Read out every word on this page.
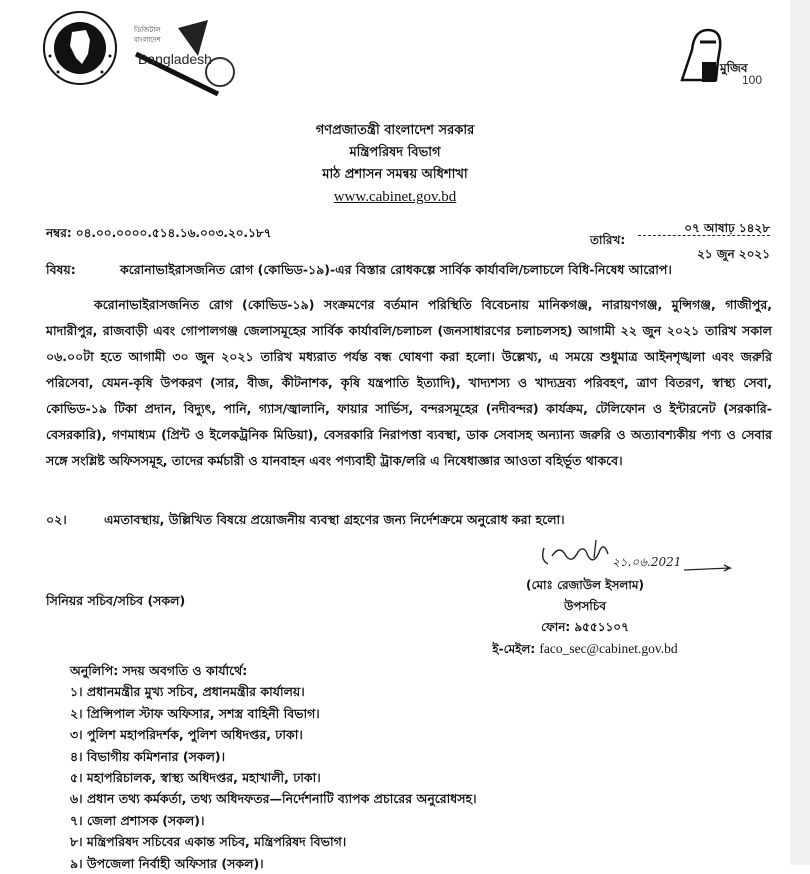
ডিজিটাল
বাংলাদেশ
Bangladesh
মুজিব
100
গণপ্রজাতন্ত্রী বাংলাদেশ সরকার
মন্ত্রিপরিষদ বিভাগ
মাঠ প্রশাসন সমন্বয় অধিশাখা
www.cabinet.gov.bd
নম্বর: ০৪.০০.০০০০.৫১৪.১৬.০০৩.২০.১৮৭	তারিখ:
০৭ আষাঢ় ১৪২৮
২১ জুন ২০২১
বিষয়:	করোনাভাইরাসজনিত রোগ (কোভিড-১৯)-এর বিস্তার রোধকল্পে সার্বিক কার্যাবলি/চলাচলে বিধি-নিষেধ আরোপ।
করোনাভাইরাসজনিত রোগ (কোভিড-১৯) সংক্রমণের বর্তমান পরিস্থিতি বিবেচনায় মানিকগঞ্জ, নারায়ণগঞ্জ, মুন্সিগঞ্জ, গাজীপুর, মাদারীপুর, রাজবাড়ী এবং গোপালগঞ্জ জেলাসমূহের সার্বিক কার্যাবলি/চলাচল (জনসাধারণের চলাচলসহ) আগামী ২২ জুন ২০২১ তারিখ সকাল ০৬.০০টা হতে আগামী ৩০ জুন ২০২১ তারিখ মধ্যরাত পর্যন্ত বন্ধ ঘোষণা করা হলো। উল্লেখ্য, এ সময়ে শুধুমাত্র আইনশৃঙ্খলা এবং জরুরি পরিসেবা, যেমন-কৃষি উপকরণ (সার, বীজ, কীটনাশক, কৃষি যন্ত্রপাতি ইত্যাদি), খাদ্যশস্য ও খাদ্যদ্রব্য পরিবহণ, ত্রাণ বিতরণ, স্বাস্থ্য সেবা, কোভিড-১৯ টিকা প্রদান, বিদ্যুৎ, পানি, গ্যাস/জ্বালানি, ফায়ার সার্ভিস, বন্দরসমূহের (নদীবন্দর) কার্যক্রম, টেলিফোন ও ইন্টারনেট (সরকারি-বেসরকারি), গণমাধ্যম (প্রিন্ট ও ইলেকট্রনিক মিডিয়া), বেসরকারি নিরাপত্তা ব্যবস্থা, ডাক সেবাসহ অন্যান্য জরুরি ও অত্যাবশ্যকীয় পণ্য ও সেবার সঙ্গে সংশ্লিষ্ট অফিসসমূহ, তাদের কর্মচারী ও যানবাহন এবং পণ্যবাহী ট্রাক/লরি এ নিষেধাজ্ঞার আওতা বহির্ভূত থাকবে।
০২।	এমতাবস্থায়, উল্লিখিত বিষয়ে প্রয়োজনীয় ব্যবস্থা গ্রহণের জন্য নির্দেশক্রমে অনুরোধ করা হলো।
২১.০৬.2021
সিনিয়র সচিব/সচিব (সকল)
(মোঃ রেজাউল ইসলাম)
উপসচিব
ফোন: ৯৫৫১১০৭
ই-মেইল: faco_sec@cabinet.gov.bd
অনুলিপি: সদয় অবগতি ও কার্যার্থে:
১। প্রধানমন্ত্রীর মুখ্য সচিব, প্রধানমন্ত্রীর কার্যালয়।
২। প্রিন্সিপাল স্টাফ অফিসার, সশস্ত্র বাহিনী বিভাগ।
৩। পুলিশ মহাপরিদর্শক, পুলিশ অধিদপ্তর, ঢাকা।
৪। বিভাগীয় কমিশনার (সকল)।
৫। মহাপরিচালক, স্বাস্থ্য অধিদপ্তর, মহাখালী, ঢাকা।
৬। প্রধান তথ্য কর্মকর্তা, তথ্য অধিদফতর—নির্দেশনাটি ব্যাপক প্রচারের অনুরোধসহ।
৭। জেলা প্রশাসক (সকল)।
৮। মন্ত্রিপরিষদ সচিবের একান্ত সচিব, মন্ত্রিপরিষদ বিভাগ।
৯। উপজেলা নির্বাহী অফিসার (সকল)।
